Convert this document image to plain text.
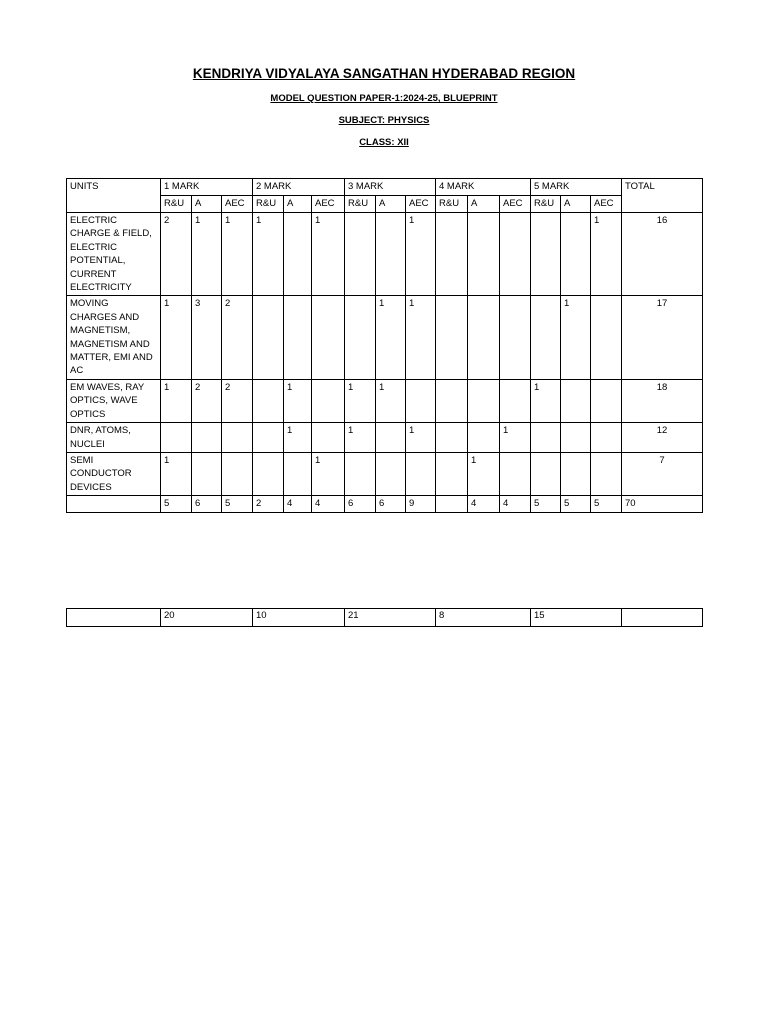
KENDRIYA VIDYALAYA SANGATHAN HYDERABAD REGION
MODEL QUESTION PAPER-1:2024-25, BLUEPRINT
SUBJECT: PHYSICS
CLASS: XII
UNITS	1 MARK			2 MARK			3 MARK			4 MARK			5 MARK			TOTAL
	R&U	A	AEC	R&U	A	AEC	R&U	A	AEC	R&U	A	AEC	R&U	A	AEC	
ELECTRIC CHARGE & FIELD, ELECTRIC POTENTIAL, CURRENT ELECTRICITY	2	1	1	1		1			1						1	16
MOVING CHARGES AND MAGNETISM, MAGNETISM AND MATTER, EMI AND AC	1	3	2					1	1					1		17
EM WAVES, RAY OPTICS, WAVE OPTICS	1	2	2		1		1	1					1			18
DNR, ATOMS, NUCLEI					1		1		1			1				12
SEMI CONDUCTOR DEVICES	1					1					1					7
	5	6	5	2	4	4	6	6	9		4	4	5	5	5	70
	20	10	21	8	15	
